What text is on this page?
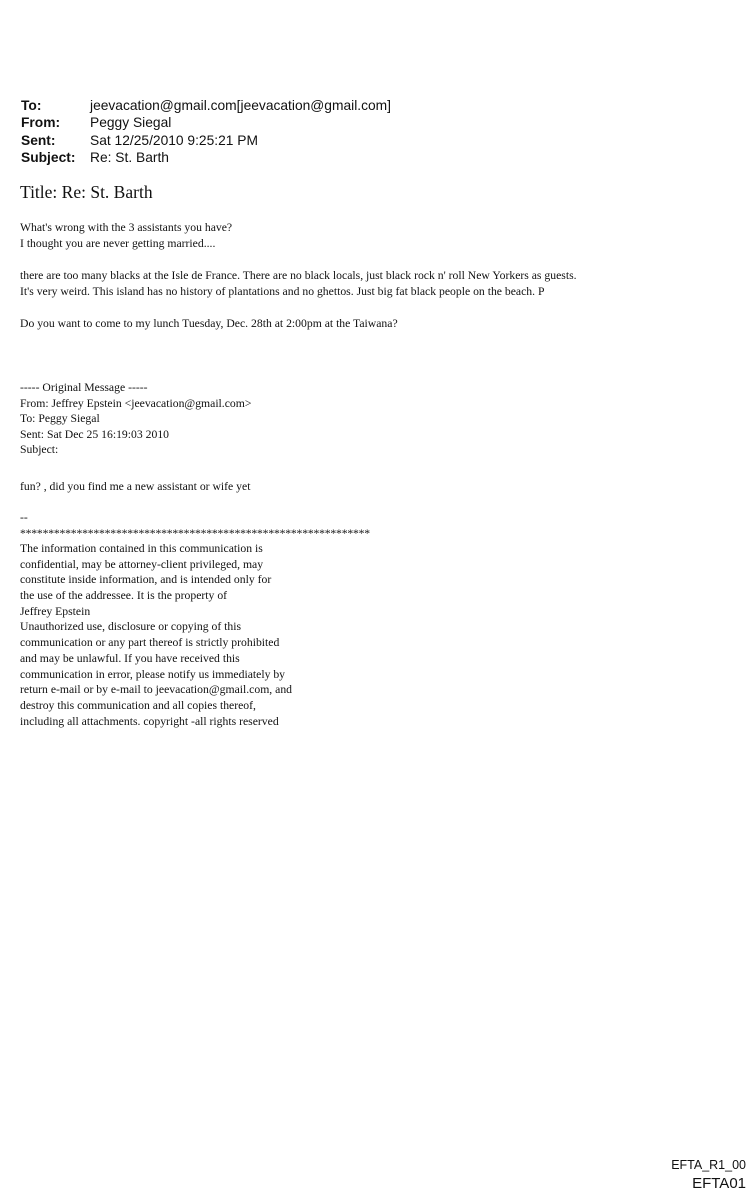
To:	jeevacation@gmail.com[jeevacation@gmail.com]
From:	Peggy Siegal
Sent:	Sat 12/25/2010 9:25:21 PM
Subject:	Re: St. Barth
Title: Re: St. Barth
What's wrong with the 3 assistants you have?
I thought you are never getting married....
there are too many blacks at the Isle de France. There are no black locals, just black rock n' roll New Yorkers as guests.
It's very weird. This island has no history of plantations and no ghettos. Just big fat black people on the beach. P
Do you want to come to my lunch Tuesday, Dec. 28th at 2:00pm at the Taiwana?
----- Original Message -----
From: Jeffrey Epstein <jeevacation@gmail.com>
To: Peggy Siegal
Sent: Sat Dec 25 16:19:03 2010
Subject:
fun? , did you find me a new assistant or wife yet
--
**************************************************************
The information contained in this communication is
confidential, may be attorney-client privileged, may
constitute inside information, and is intended only for
the use of the addressee. It is the property of
Jeffrey Epstein
Unauthorized use, disclosure or copying of this
communication or any part thereof is strictly prohibited
and may be unlawful. If you have received this
communication in error, please notify us immediately by
return e-mail or by e-mail to jeevacation@gmail.com, and
destroy this communication and all copies thereof,
including all attachments. copyright -all rights reserved
EFTA_R1_00
EFTA01
